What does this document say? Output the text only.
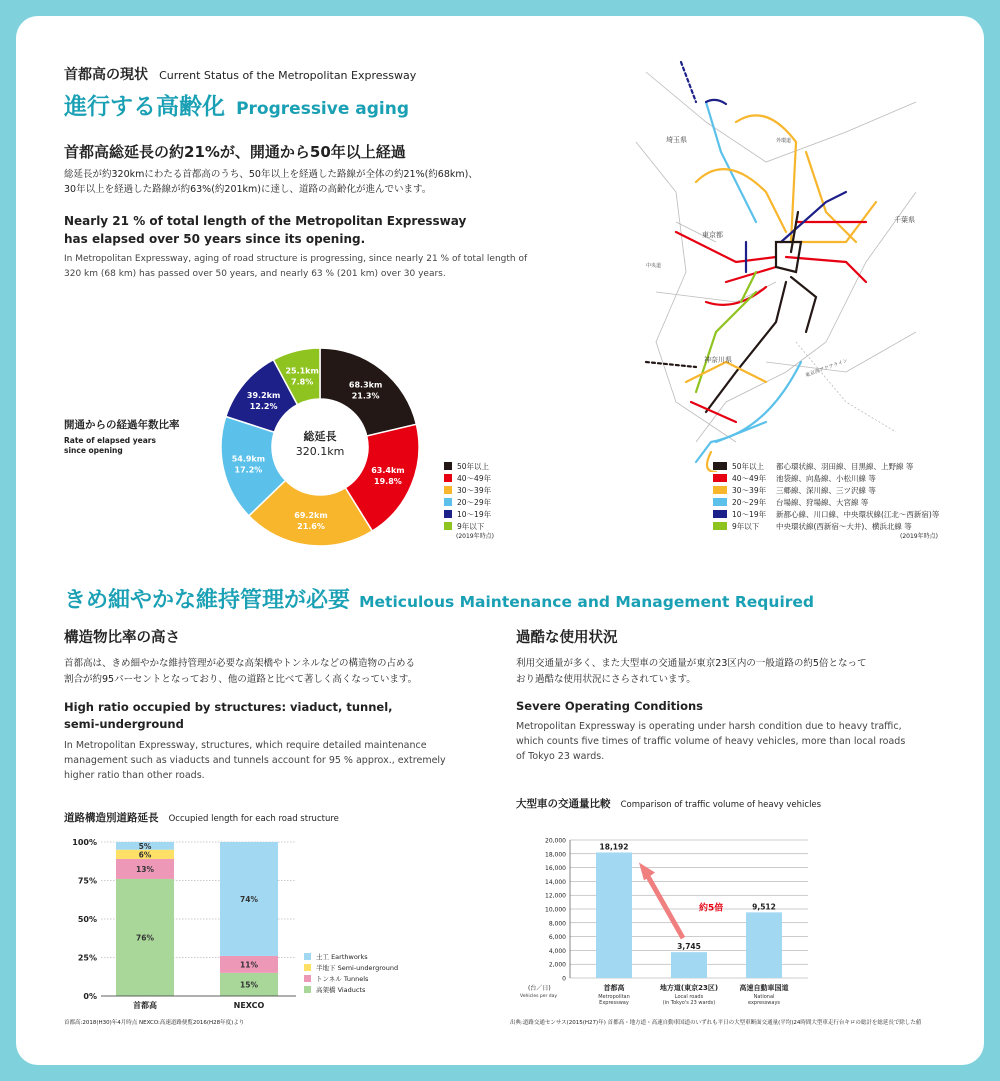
首都高の現状 Current Status of the Metropolitan Expressway
進行する高齢化 Progressive aging
首都高総延長の約21%が、開通から50年以上経過
総延長が約320kmにわたる首都高のうち、50年以上を経過した路線が全体の約21%(約68km)、
30年以上を経過した路線が約63%(約201km)に達し、道路の高齢化が進んでいます。
Nearly 21 % of total length of the Metropolitan Expressway
has elapsed over 50 years since its opening.
In Metropolitan Expressway, aging of road structure is progressing, since nearly 21 % of total length of
320 km (68 km) has passed over 50 years, and nearly 63 % (201 km) over 30 years.
開通からの経過年数比率
Rate of elapsed years
since opening
68.3km
21.3%
63.4km
19.8%
69.2km
21.6%
54.9km
17.2%
39.2km
12.2%
25.1km
7.8%
総延長
320.1km
50年以上
40～49年
30～39年
20～29年
10～19年
9年以下
(2019年時点)
埼玉県
東京都
千葉県
神奈川県
外環道
中央道
東京湾アクアライン
50年以上	都心環状線、羽田線、目黒線、上野線 等
40～49年	池袋線、向島線、小松川線 等
30～39年	三郷線、深川線、三ツ沢線 等
20～29年	台場線、狩場線、大宮線 等
10～19年	新都心線、川口線、中央環状線(江北～西新宿)等
9年以下	中央環状線(西新宿～大井)、横浜北線 等
(2019年時点)
きめ細やかな維持管理が必要 Meticulous Maintenance and Management Required
構造物比率の高さ
首都高は、きめ細やかな維持管理が必要な高架橋やトンネルなどの構造物の占める
割合が約95パーセントとなっており、他の道路と比べて著しく高くなっています。
High ratio occupied by structures: viaduct, tunnel,
semi-underground
In Metropolitan Expressway, structures, which require detailed maintenance
management such as viaducts and tunnels account for 95 % approx., extremely
higher ratio than other roads.
道路構造別道路延長 Occupied length for each road structure
76%
13%
6%
5%
15%
11%
74%
100%
75%
50%
25%
0%
首都高	NEXCO
土工 Earthworks
半地下 Semi-underground
トンネル Tunnels
高架橋 Viaducts
首都高:2018(H30)年4月時点 NEXCO:高速道路便覧2016(H28年度)より
過酷な使用状況
利用交通量が多く、また大型車の交通量が東京23区内の一般道路の約5倍となって
おり過酷な使用状況にさらされています。
Severe Operating Conditions
Metropolitan Expressway is operating under harsh condition due to heavy traffic,
which counts five times of traffic volume of heavy vehicles, more than local roads
of Tokyo 23 wards.
大型車の交通量比較 Comparison of traffic volume of heavy vehicles
18,192
3,745
9,512
20,000
18,000
16,000
14,000
12,000
10,000
8,000
6,000
4,000
2,000
0
首都高
Metropolitan
Expressway
地方道(東京23区)
Local roads
(in Tokyo's 23 wards)
高速自動車国道
National
expressways
(台／日)
Vehicles per day
約5倍
出典:道路交通センサス(2015(H27)年) 首都高・地方道・高速自動車国道のいずれも平日の大型車断面交通量(平均)24時間大型車走行台キロの総計を総延長で除した値
